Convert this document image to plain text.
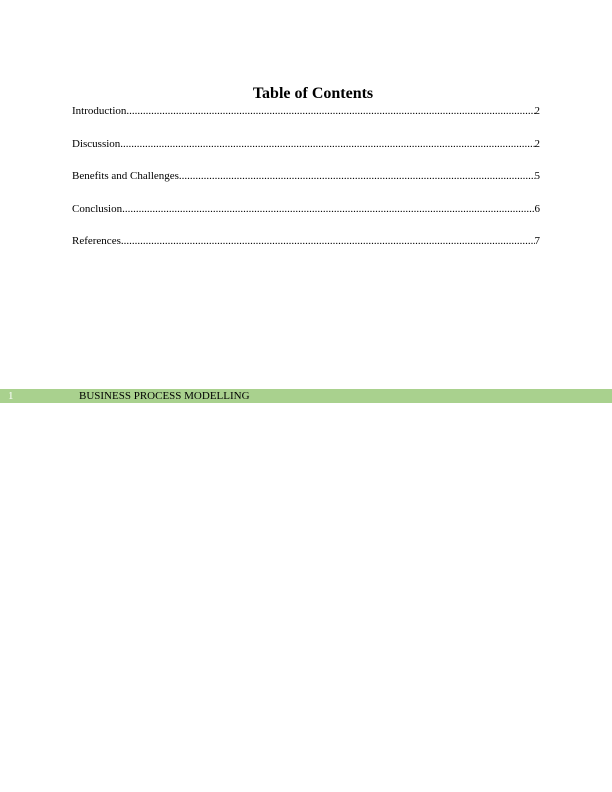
Table of Contents
Introduction .....	2
Discussion .....	2
Benefits and Challenges .....	5
Conclusion .....	6
References .....	7
1	BUSINESS PROCESS MODELLING
